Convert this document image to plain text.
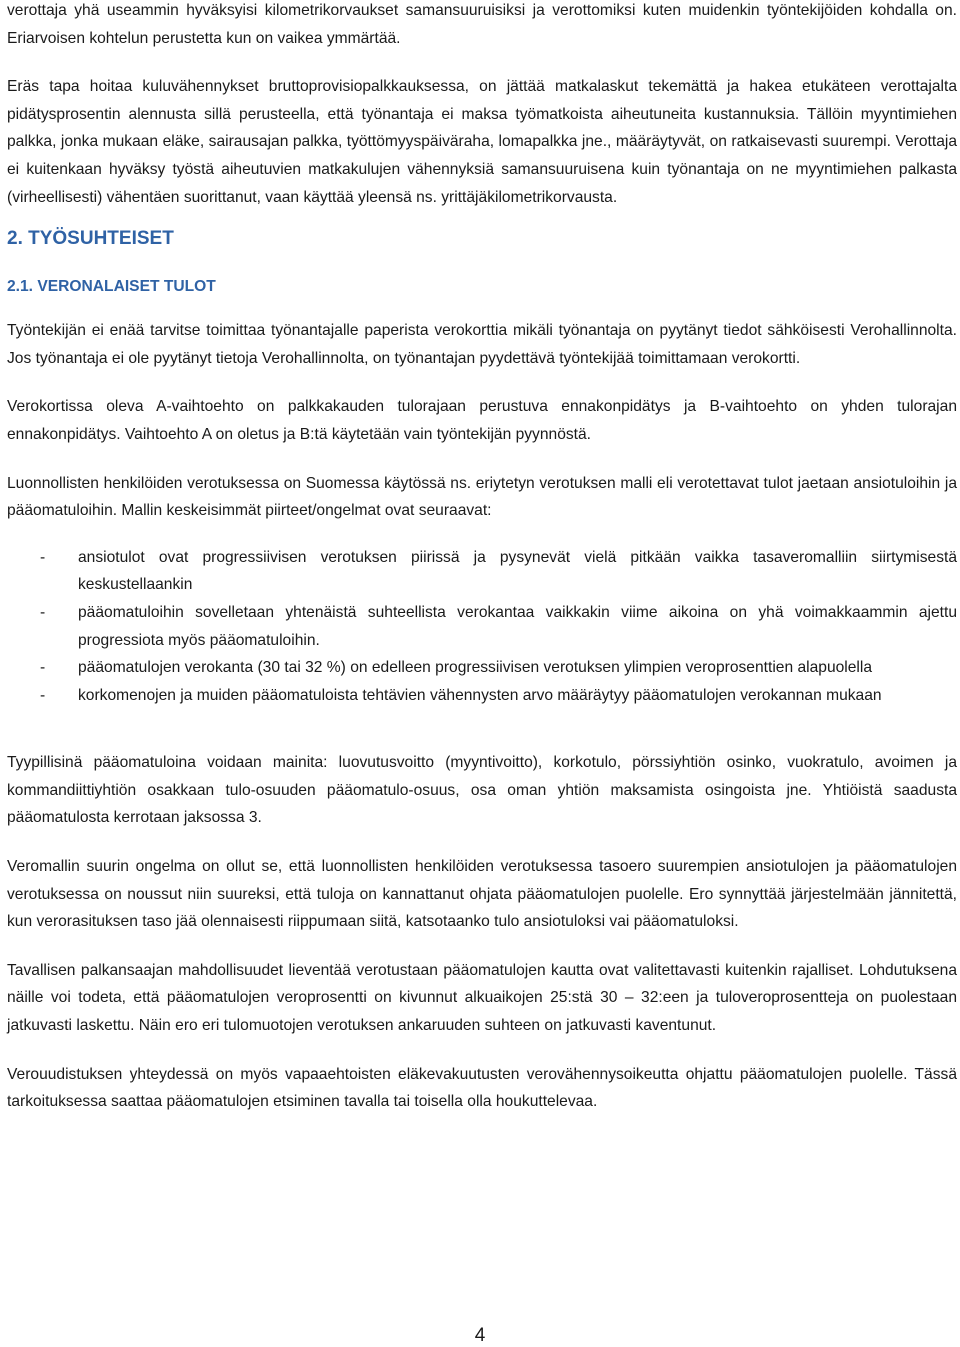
verottaja yhä useammin hyväksyisi kilometrikorvaukset samansuuruisiksi ja verottomiksi kuten muidenkin työntekijöiden kohdalla on. Eriarvoisen kohtelun perustetta kun on vaikea ymmärtää.

Eräs tapa hoitaa kuluvähennykset bruttoprovisiopalkkauksessa, on jättää matkalaskut tekemättä ja hakea etukäteen verottajalta pidätysprosentin alennusta sillä perusteella, että työnantaja ei maksa työmatkoista aiheutuneita kustannuksia. Tällöin myyntimiehen palkka, jonka mukaan eläke, sairausajan palkka, työttömyyspäiväraha, lomapalkka jne., määräytyvät, on ratkaisevasti suurempi. Verottaja ei kuitenkaan hyväksy työstä aiheutuvien matkakulujen vähennyksiä samansuuruisena kuin työnantaja on ne myyntimiehen palkasta (virheellisesti) vähentäen suorittanut, vaan käyttää yleensä ns. yrittäjäkilometrikorvausta.

2. TYÖSUHTEISET
2.1. VERONALAISET TULOT

Työntekijän ei enää tarvitse toimittaa työnantajalle paperista verokorttia mikäli työnantaja on pyytänyt tiedot sähköisesti Verohallinnolta. Jos työnantaja ei ole pyytänyt tietoja Verohallinnolta, on työnantajan pyydettävä työntekijää toimittamaan verokortti.

Verokortissa oleva A-vaihtoehto on palkkakauden tulorajaan perustuva ennakonpidätys ja B-vaihtoehto on yhden tulorajan ennakonpidätys. Vaihtoehto A on oletus ja B:tä käytetään vain työntekijän pyynnöstä.

Luonnollisten henkilöiden verotuksessa on Suomessa käytössä ns. eriytetyn verotuksen malli eli verotettavat tulot jaetaan ansiotuloihin ja pääomatuloihin. Mallin keskeisimmät piirteet/ongelmat ovat seuraavat:

- ansiotulot ovat progressiivisen verotuksen piirissä ja pysynevät vielä pitkään vaikka tasaveromalliin siirtymisestä keskustellaankin
- pääomatuloihin sovelletaan yhtenäistä suhteellista verokantaa vaikkakin viime aikoina on yhä voimakkaammin ajettu progressiota myös pääomatuloihin.
- pääomatulojen verokanta (30 tai 32 %) on edelleen progressiivisen verotuksen ylimpien veroprosenttien alapuolella
- korkomenojen ja muiden pääomatuloista tehtävien vähennysten arvo määräytyy pääomatulojen verokannan mukaan

Tyypillisinä pääomatuloina voidaan mainita: luovutusvoitto (myyntivoitto), korkotulo, pörssiyhtiön osinko, vuokratulo, avoimen ja kommandiittiyhtiön osakkaan tulo-osuuden pääomatulo-osuus, osa oman yhtiön maksamista osingoista jne. Yhtiöistä saadusta pääomatulosta kerrotaan jaksossa 3.

Veromallin suurin ongelma on ollut se, että luonnollisten henkilöiden verotuksessa tasoero suurempien ansiotulojen ja pääomatulojen verotuksessa on noussut niin suureksi, että tuloja on kannattanut ohjata pääomatulojen puolelle. Ero synnyttää järjestelmään jännitettä, kun verorasituksen taso jää olennaisesti riippumaan siitä, katsotaanko tulo ansiotuloksi vai pääomatuloksi.

Tavallisen palkansaajan mahdollisuudet lieventää verotustaan pääomatulojen kautta ovat valitettavasti kuitenkin rajalliset. Lohdutuksena näille voi todeta, että pääomatulojen veroprosentti on kivunnut alkuaikojen 25:stä 30 – 32:een ja tuloveroprosentteja on puolestaan jatkuvasti laskettu. Näin ero eri tulomuotojen verotuksen ankaruuden suhteen on jatkuvasti kaventunut.

Verouudistuksen yhteydessä on myös vapaaehtoisten eläkevakuutusten verovähennysoikeutta ohjattu pääomatulojen puolelle. Tässä tarkoituksessa saattaa pääomatulojen etsiminen tavalla tai toisella olla houkuttelevaa.

4
